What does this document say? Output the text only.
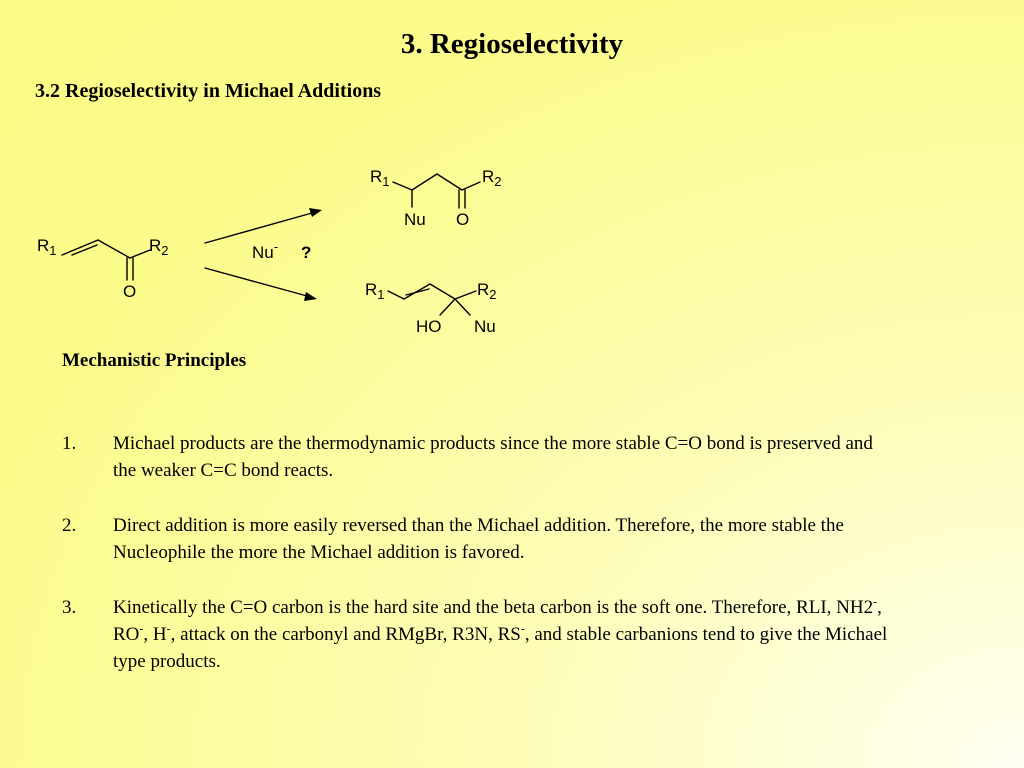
3. Regioselectivity
3.2 Regioselectivity in Michael Additions
$R_1$	$R_2$
O
Nu- ?
$R_1$	$R_2$
Nu O
$R_1$	$R_2$
HO Nu
Mechanistic Principles
1. Michael products are the thermodynamic products since the more stable C=O bond is preserved and the weaker C=C bond reacts.
2. Direct addition is more easily reversed than the Michael addition. Therefore, the more stable the Nucleophile the more the Michael addition is favored.
3. Kinetically the C=O carbon is the hard site and the beta carbon is the soft one. Therefore, RLI, NH2-, RO-, H-, attack on the carbonyl and RMgBr, R3N, RS-, and stable carbanions tend to give the Michael type products.
